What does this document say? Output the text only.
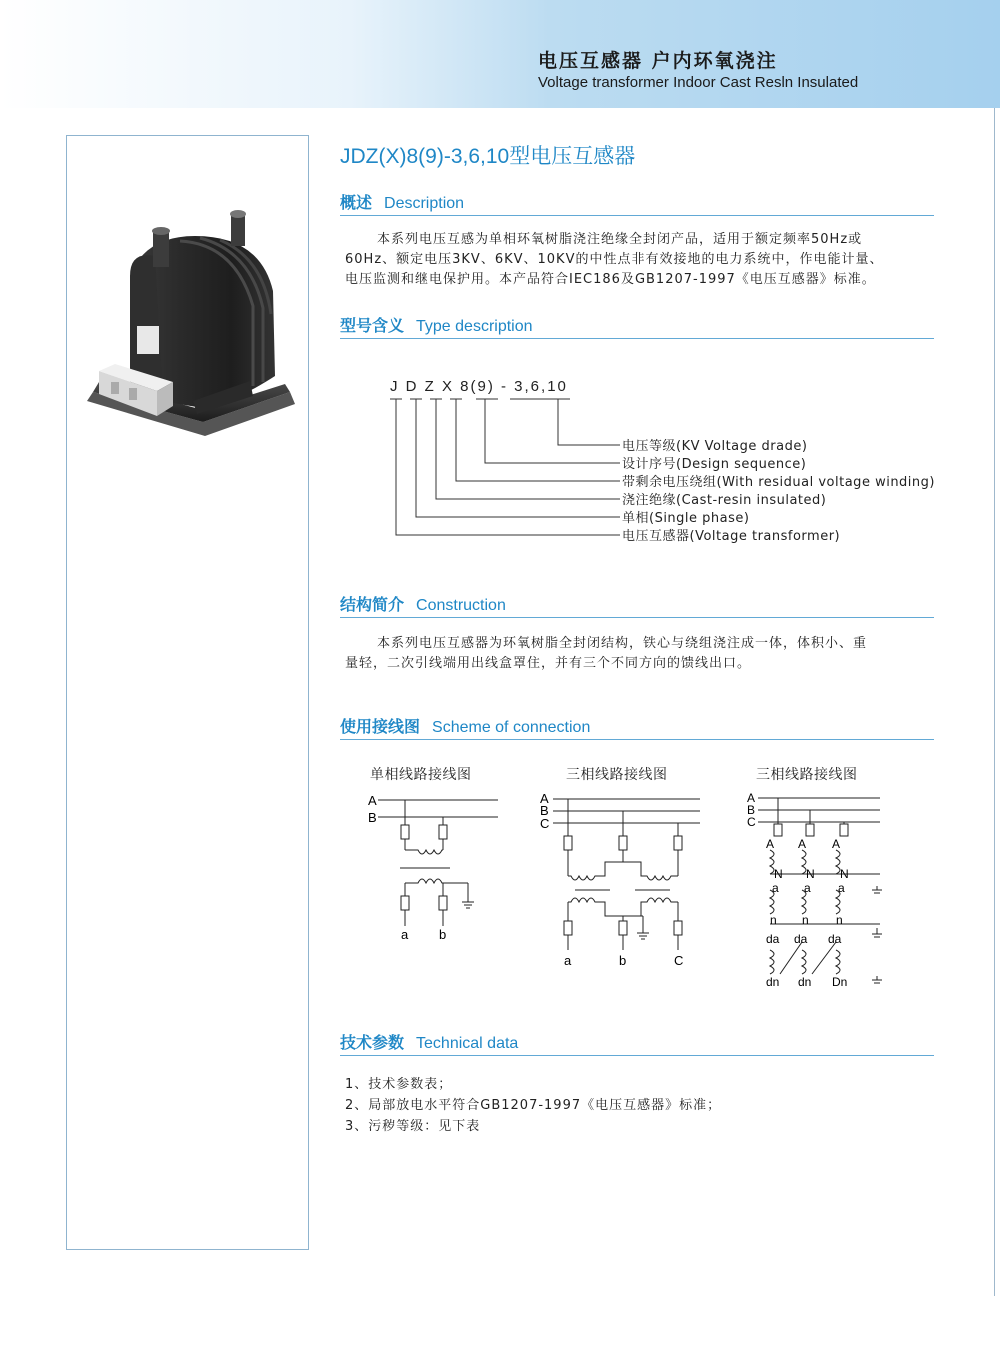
电压互感器 户内环氧浇注
Voltage transformer Indoor Cast Resln Insulated
JDZ(X)8(9)-3,6,10型电压互感器
概述 Description
本系列电压互感为单相环氧树脂浇注绝缘全封闭产品，适用于额定频率50Hz或
60Hz、额定电压3KV、6KV、10KV的中性点非有效接地的电力系统中，作电能计量、
电压监测和继电保护用。本产品符合IEC186及GB1207-1997《电压互感器》标准。
型号含义 Type description
J D Z X 8(9) - 3,6,10
电压等级(KV Voltage drade)
设计序号(Design sequence)
带剩余电压绕组(With residual voltage winding)
浇注绝缘(Cast-resin insulated)
单相(Single phase)
电压互感器(Voltage transformer)
结构简介 Construction
本系列电压互感器为环氧树脂全封闭结构，铁心与绕组浇注成一体，体积小、重
量轻，二次引线端用出线盒罩住，并有三个不同方向的馈线出口。
使用接线图 Scheme of connection
单相线路接线图	三相线路接线图	三相线路接线图
A
B
a b
A
B
C
a	b	C
A
B
C
A A A
N N N
a a a
n n n
da da da
dn dn Dn
技术参数 Technical data
1、技术参数表；
2、局部放电水平符合GB1207-1997《电压互感器》标准；
3、污秽等级：见下表
